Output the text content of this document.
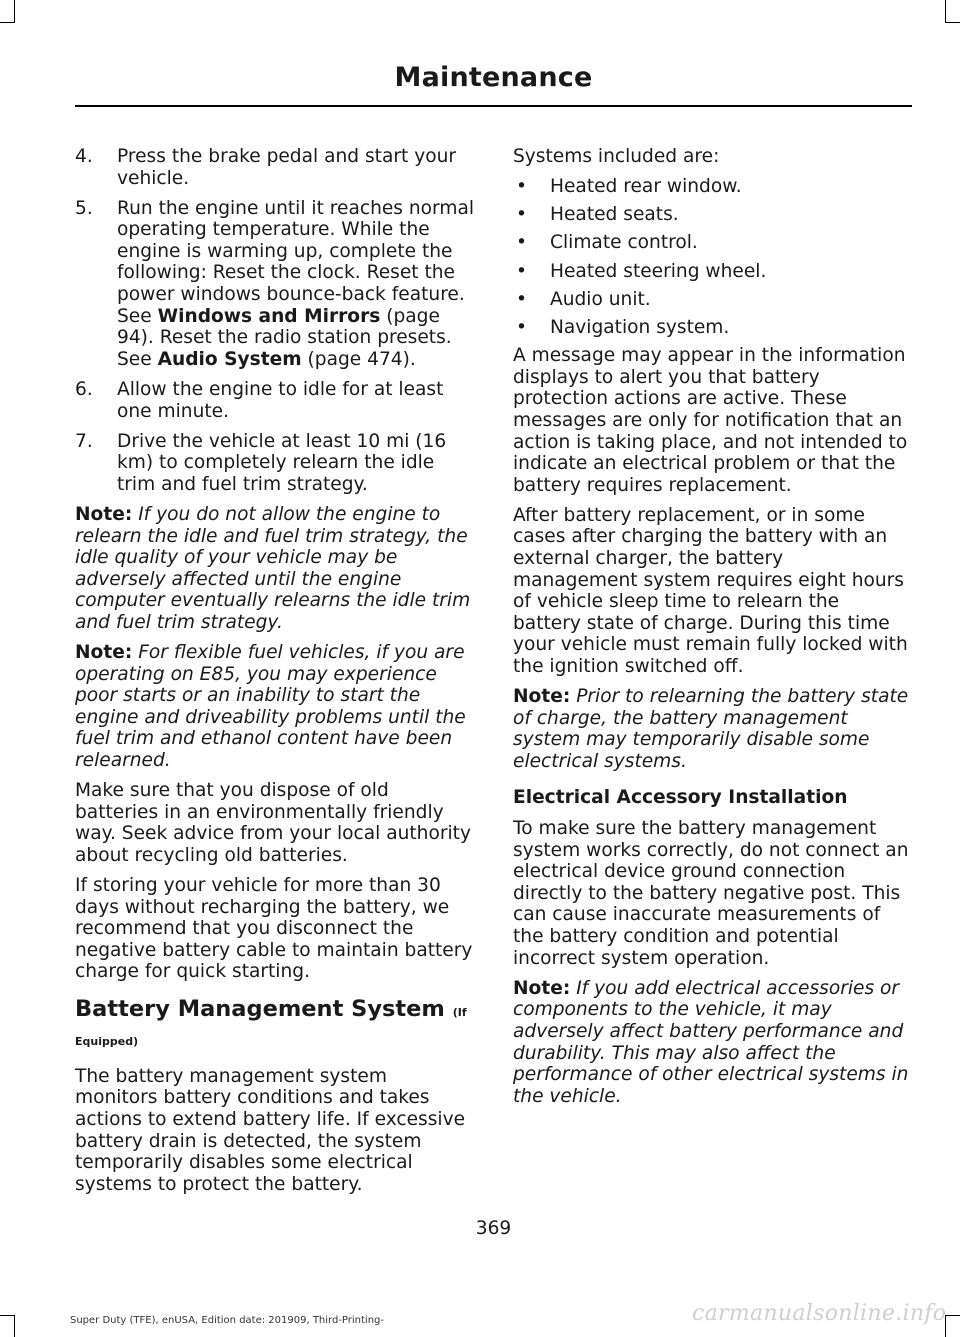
Maintenance
4.	Press the brake pedal and start your vehicle.
5.	Run the engine until it reaches normal operating temperature. While the engine is warming up, complete the following: Reset the clock. Reset the power windows bounce-back feature. See Windows and Mirrors (page 94). Reset the radio station presets. See Audio System (page 474).
6.	Allow the engine to idle for at least one minute.
7.	Drive the vehicle at least 10 mi (16 km) to completely relearn the idle trim and fuel trim strategy.

Note: If you do not allow the engine to relearn the idle and fuel trim strategy, the idle quality of your vehicle may be adversely affected until the engine computer eventually relearns the idle trim and fuel trim strategy.

Note: For flexible fuel vehicles, if you are operating on E85, you may experience poor starts or an inability to start the engine and driveability problems until the fuel trim and ethanol content have been relearned.

Make sure that you dispose of old batteries in an environmentally friendly way. Seek advice from your local authority about recycling old batteries.

If storing your vehicle for more than 30 days without recharging the battery, we recommend that you disconnect the negative battery cable to maintain battery charge for quick starting.

Battery Management System (If
Equipped)

The battery management system monitors battery conditions and takes actions to extend battery life. If excessive battery drain is detected, the system temporarily disables some electrical systems to protect the battery.

Systems included are:

•	Heated rear window.
•	Heated seats.
•	Climate control.
•	Heated steering wheel.
•	Audio unit.
•	Navigation system.

A message may appear in the information displays to alert you that battery protection actions are active. These messages are only for notification that an action is taking place, and not intended to indicate an electrical problem or that the battery requires replacement.

After battery replacement, or in some cases after charging the battery with an external charger, the battery management system requires eight hours of vehicle sleep time to relearn the battery state of charge. During this time your vehicle must remain fully locked with the ignition switched off.

Note: Prior to relearning the battery state of charge, the battery management system may temporarily disable some electrical systems.

Electrical Accessory Installation

To make sure the battery management system works correctly, do not connect an electrical device ground connection directly to the battery negative post. This can cause inaccurate measurements of the battery condition and potential incorrect system operation.

Note: If you add electrical accessories or components to the vehicle, it may adversely affect battery performance and durability. This may also affect the performance of other electrical systems in the vehicle.

369
Super Duty (TFE), enUSA, Edition date: 201909, Third-Printing-	carmanualsonline.info
